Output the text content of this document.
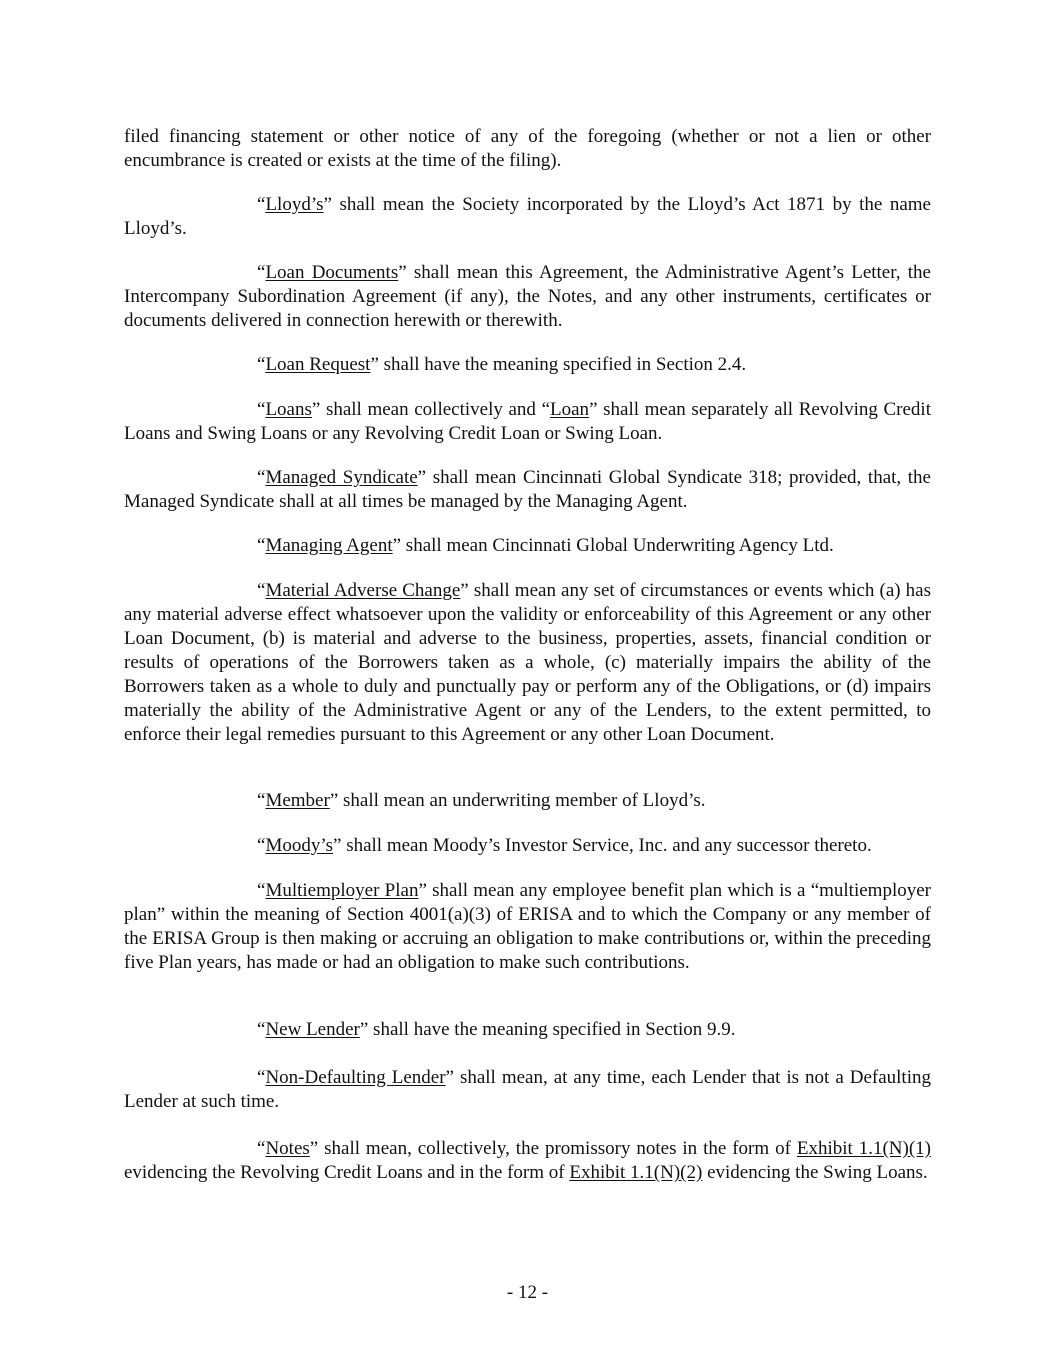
filed financing statement or other notice of any of the foregoing (whether or not a lien or other encumbrance is created or exists at the time of the filing).

“Lloyd’s” shall mean the Society incorporated by the Lloyd’s Act 1871 by the name Lloyd’s.

“Loan Documents” shall mean this Agreement, the Administrative Agent’s Letter, the Intercompany Subordination Agreement (if any), the Notes, and any other instruments, certificates or documents delivered in connection herewith or therewith.

“Loan Request” shall have the meaning specified in Section 2.4.

“Loans” shall mean collectively and “Loan” shall mean separately all Revolving Credit Loans and Swing Loans or any Revolving Credit Loan or Swing Loan.

“Managed Syndicate” shall mean Cincinnati Global Syndicate 318; provided, that, the Managed Syndicate shall at all times be managed by the Managing Agent.

“Managing Agent” shall mean Cincinnati Global Underwriting Agency Ltd.

“Material Adverse Change” shall mean any set of circumstances or events which (a) has any material adverse effect whatsoever upon the validity or enforceability of this Agreement or any other Loan Document, (b) is material and adverse to the business, properties, assets, financial condition or results of operations of the Borrowers taken as a whole, (c) materially impairs the ability of the Borrowers taken as a whole to duly and punctually pay or perform any of the Obligations, or (d) impairs materially the ability of the Administrative Agent or any of the Lenders, to the extent permitted, to enforce their legal remedies pursuant to this Agreement or any other Loan Document.

“Member” shall mean an underwriting member of Lloyd’s.

“Moody’s” shall mean Moody’s Investor Service, Inc. and any successor thereto.

“Multiemployer Plan” shall mean any employee benefit plan which is a “multiemployer plan” within the meaning of Section 4001(a)(3) of ERISA and to which the Company or any member of the ERISA Group is then making or accruing an obligation to make contributions or, within the preceding five Plan years, has made or had an obligation to make such contributions.

“New Lender” shall have the meaning specified in Section 9.9.

“Non-Defaulting Lender” shall mean, at any time, each Lender that is not a Defaulting Lender at such time.

“Notes” shall mean, collectively, the promissory notes in the form of Exhibit 1.1(N)(1) evidencing the Revolving Credit Loans and in the form of Exhibit 1.1(N)(2) evidencing the Swing Loans.

- 12 -
